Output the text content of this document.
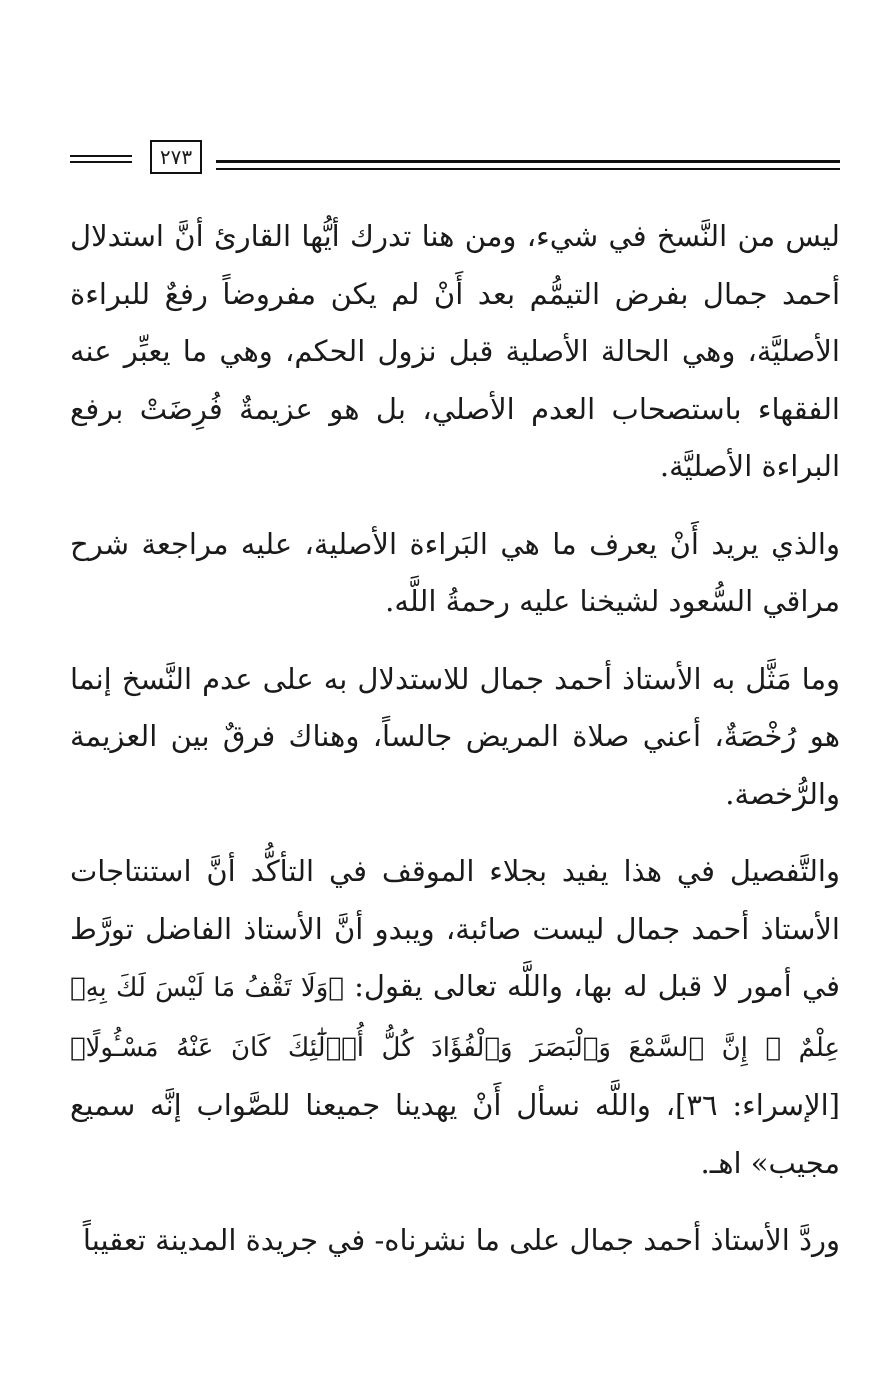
٢٧٣

ليس من النَّسخ في شيء، ومن هنا تدرك أيُّها القارئ أنَّ استدلال أحمد جمال بفرض التيمُّم بعد أَنْ لم يكن مفروضاً رفعٌ للبراءة الأصليَّة، وهي الحالة الأصلية قبل نزول الحكم، وهي ما يعبِّر عنه الفقهاء باستصحاب العدم الأصلي، بل هو عزيمةٌ فُرِضَتْ برفع البراءة الأصليَّة.

والذي يريد أَنْ يعرف ما هي البَراءة الأصلية، عليه مراجعة شرح مراقي السُّعود لشيخنا عليه رحمةُ اللَّه.

وما مَثَّل به الأستاذ أحمد جمال للاستدلال به على عدم النَّسخ إنما هو رُخْصَةٌ، أعني صلاة المريض جالساً، وهناك فرقٌ بين العزيمة والرُّخصة.

والتَّفصيل في هذا يفيد بجلاء الموقف في التأكُّد أنَّ استنتاجات الأستاذ أحمد جمال ليست صائبة، ويبدو أنَّ الأستاذ الفاضل تورَّط في أمور لا قبل له بها، واللَّه تعالى يقول: ﴿وَلَا تَقْفُ مَا لَيْسَ لَكَ بِهِۦ عِلْمٌ ۚ إِنَّ ٱلسَّمْعَ وَٱلْبَصَرَ وَٱلْفُؤَادَ كُلُّ أُو۟لَٰٓئِكَ كَانَ عَنْهُ مَسْـُٔولًا﴾ [الإسراء: ٣٦]، واللَّه نسأل أَنْ يهدينا جميعنا للصَّواب إنَّه سميع مجيب» اهـ.

وردَّ الأستاذ أحمد جمال على ما نشرناه- في جريدة المدينة تعقيباً
